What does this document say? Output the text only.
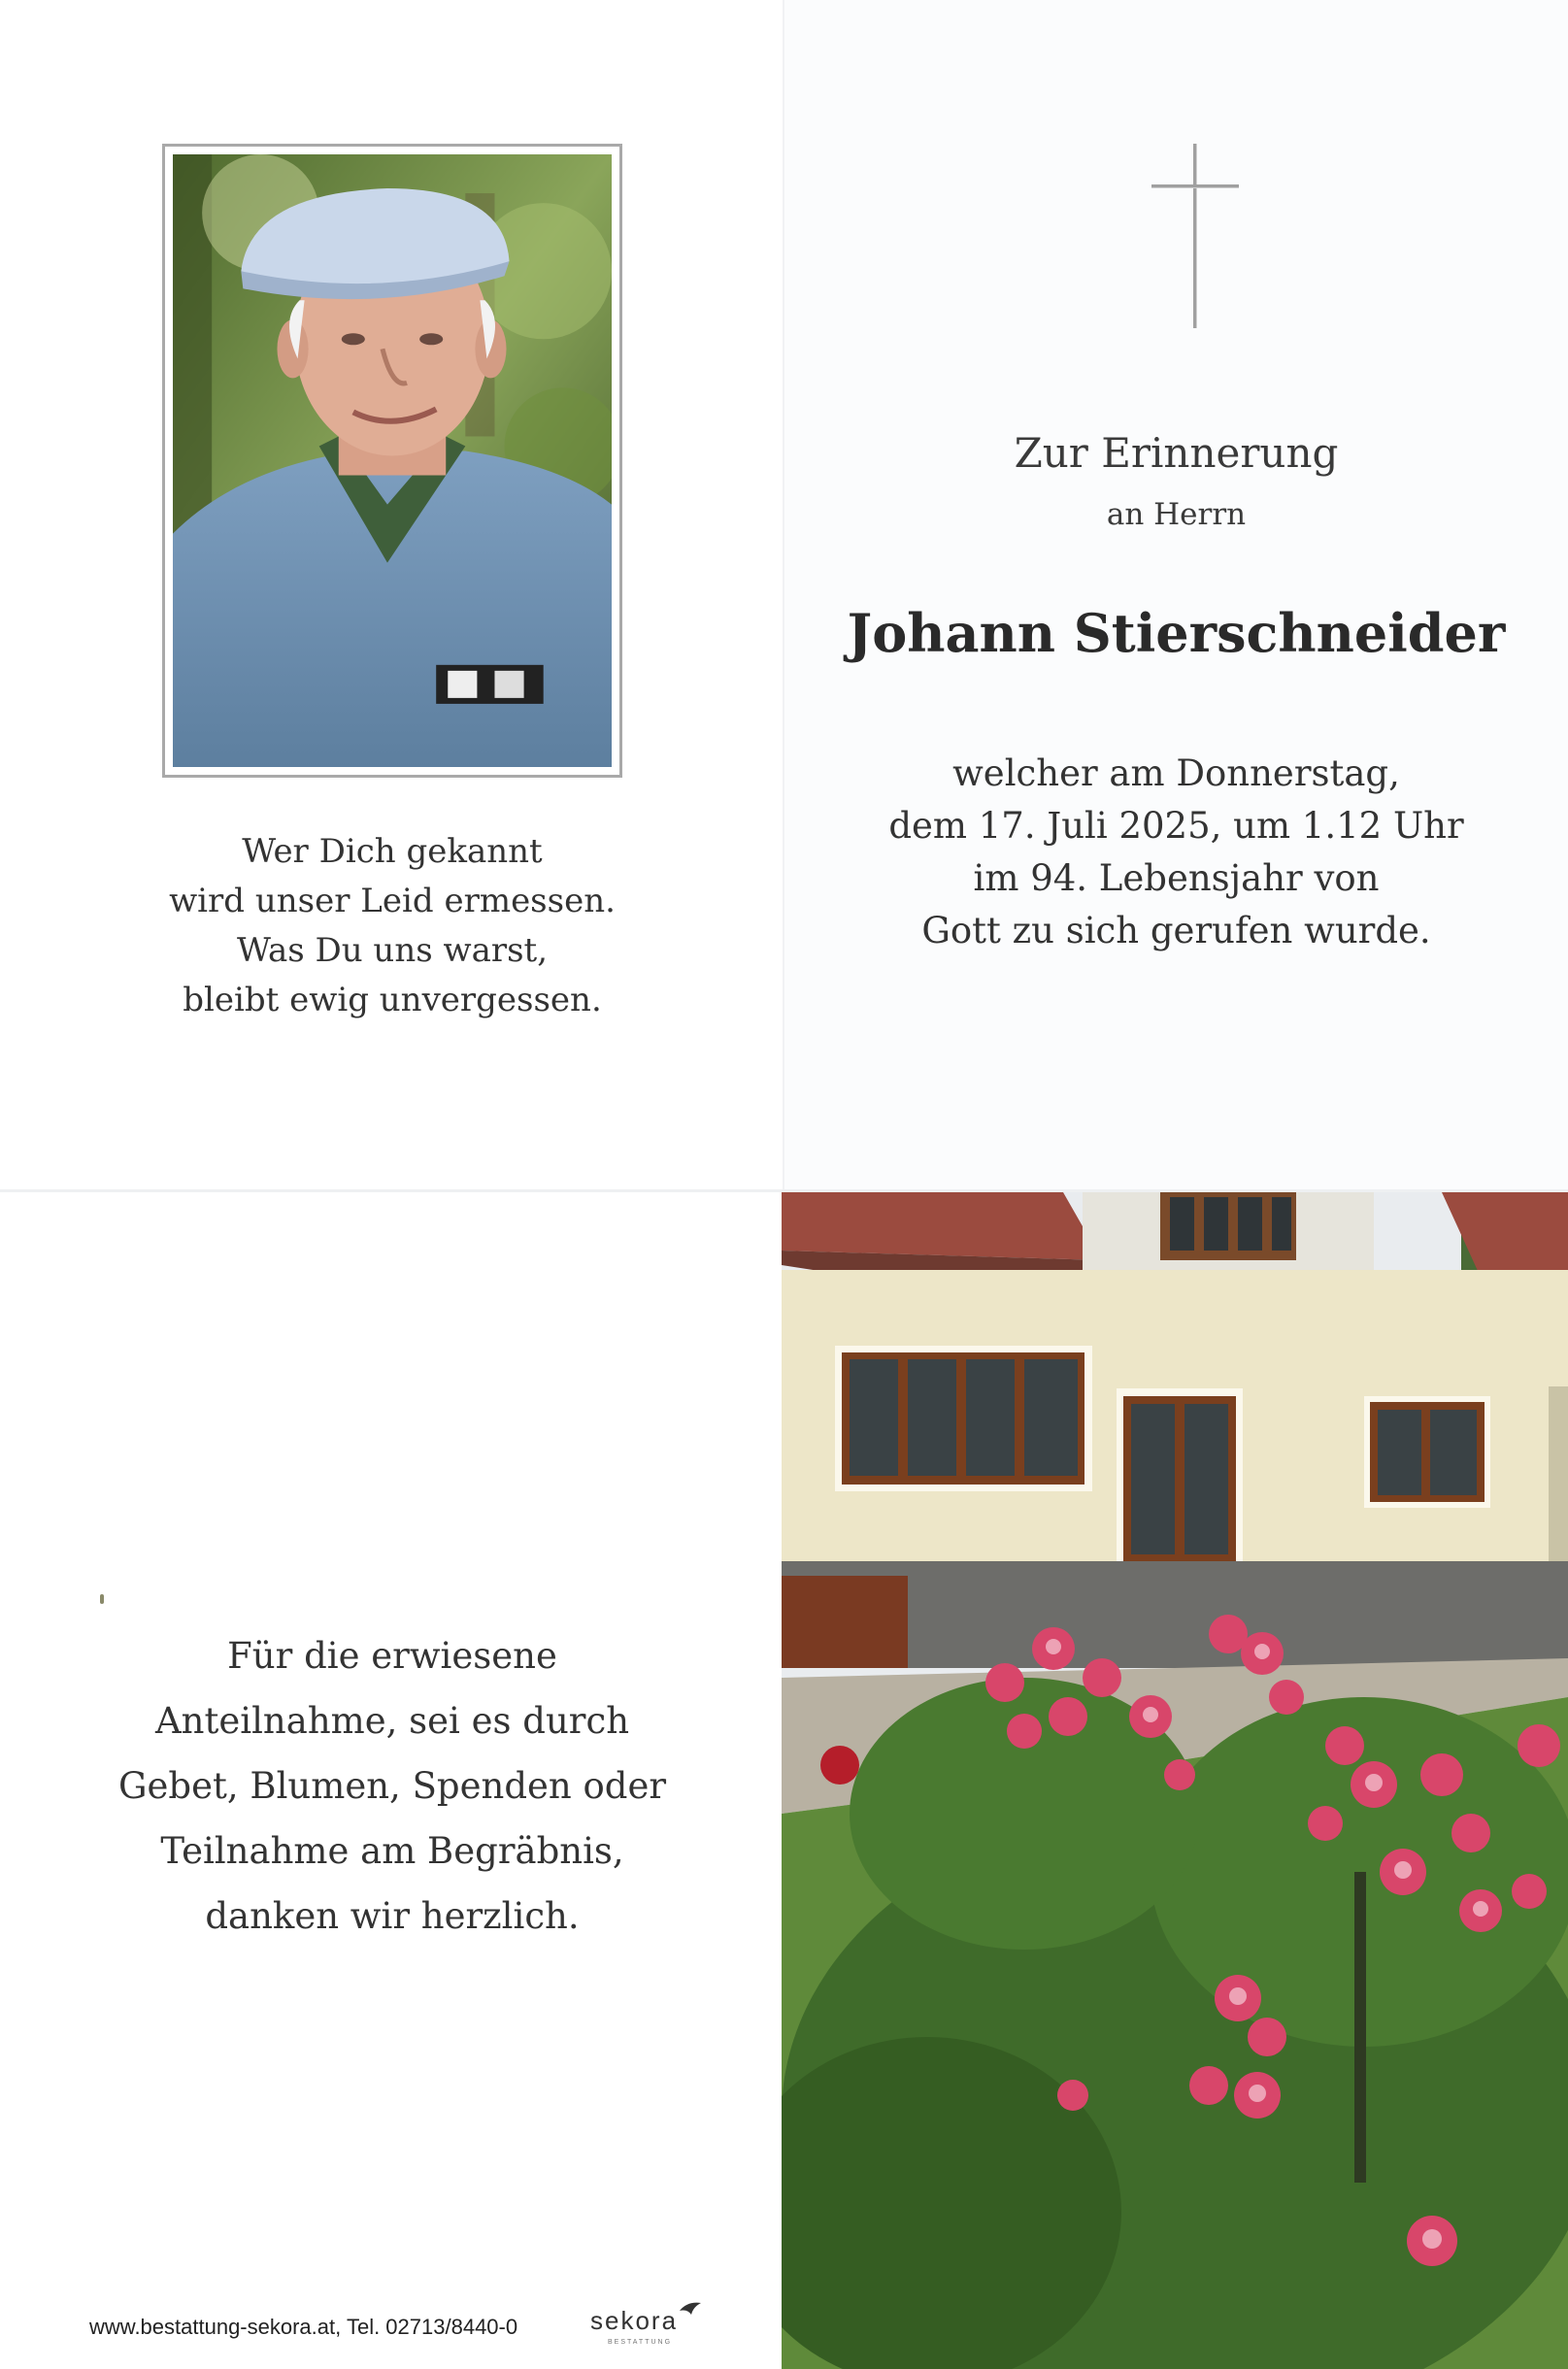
Wer Dich gekannt
wird unser Leid ermessen.
Was Du uns warst,
bleibt ewig unvergessen.
Zur Erinnerung
an Herrn
Johann Stierschneider
welcher am Donnerstag,
dem 17. Juli 2025, um 1.12 Uhr
im 94. Lebensjahr von
Gott zu sich gerufen wurde.
Für die erwiesene
Anteilnahme, sei es durch
Gebet, Blumen, Spenden oder
Teilnahme am Begräbnis,
danken wir herzlich.
www.bestattung-sekora.at, Tel. 02713/8440-0	sekora
BESTATTUNG
